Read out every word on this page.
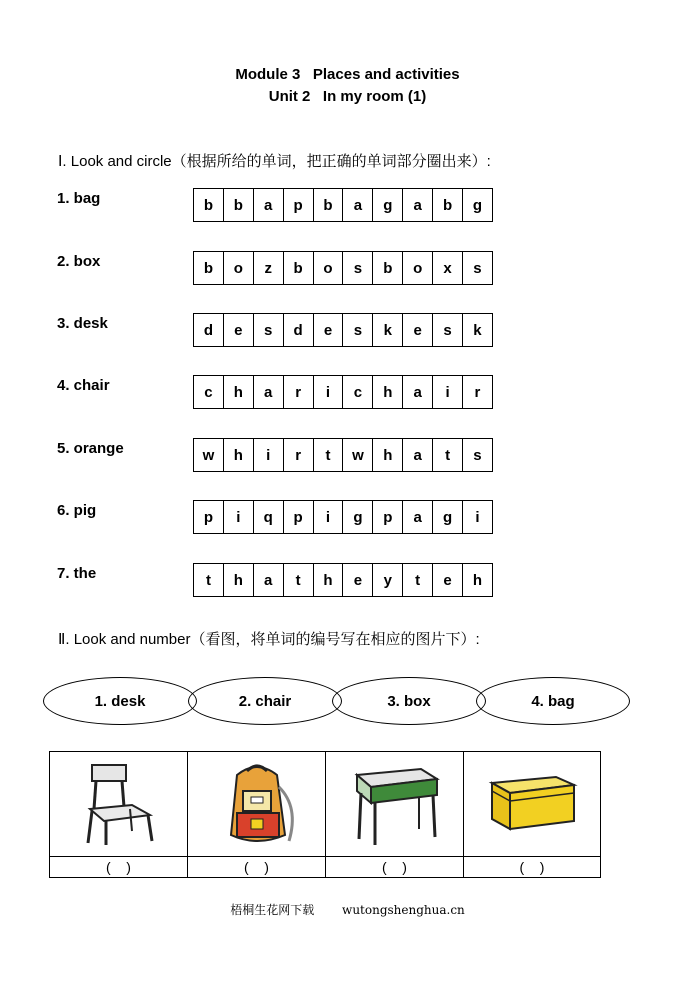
Module 3   Places and activities
Unit 2   In my room (1)
Ⅰ. Look and circle（根据所给的单词，把正确的单词部分圈出来）:
1. bag	b	b	a	p	b	a	g	a	b	g
2. box	b	o	z	b	o	s	b	o	x	s
3. desk	d	e	s	d	e	s	k	e	s	k
4. chair	c	h	a	r	i	c	h	a	i	r
5. orange	w	h	i	r	t	w	h	a	t	s
6. pig	p	i	q	p	i	g	p	a	g	i
7. the	t	h	a	t	h	e	y	t	e	h
Ⅱ. Look and number（看图，将单词的编号写在相应的图片下）:
1. desk	2. chair	3. box	4. bag
(    )	(    )	(    )	(    )
梧桐生花网下载 wutongshenghua.cn
